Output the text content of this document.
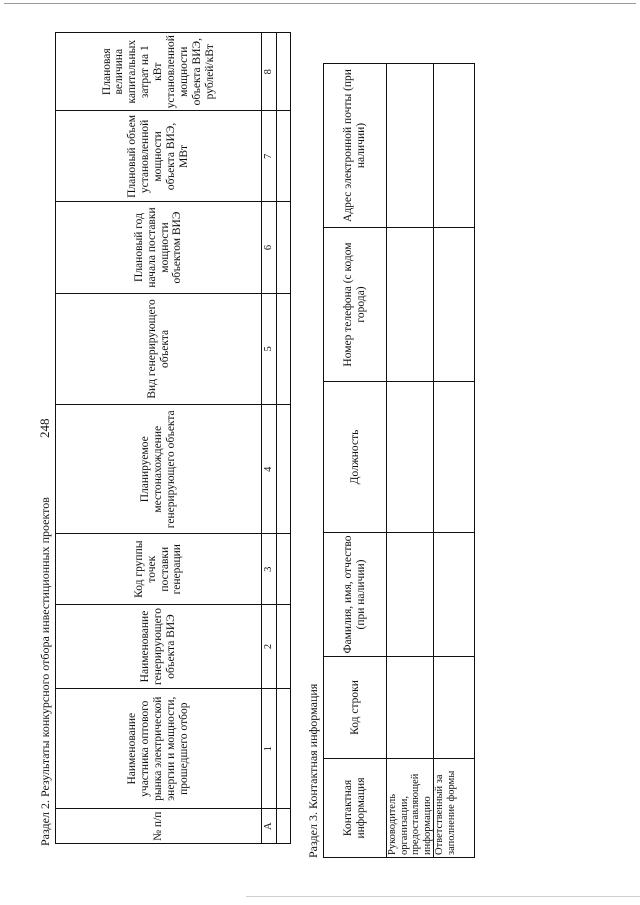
248
Раздел 2. Результаты конкурсного отбора инвестиционных проектов	№ п/п	Наименование участника оптового рынка электрической энергии и мощности, прошедшего отбор	Наименование генерирующего объекта ВИЭ	Код группы точек поставки генерации	Планируемое местонахождение генерирующего объекта	Вид генерирующего объекта	Плановый год начала поставки мощности объектом ВИЭ	Плановый объем установленной мощности объекта ВИЭ, МВт	Плановая величина капитальных затрат на 1 кВт установленной мощности объекта ВИЭ, рублей/кВт
А	1	2	3	4	5	6	7	8

Раздел 3. Контактная информация Контактная информация	Код строки	Фамилия, имя, отчество (при наличии)	Должность	Номер телефона (с кодом города)	Адрес электронной почты (при наличии)
Руководитель организации, предоставляющей информацию					
Ответственный за заполнение формы					
